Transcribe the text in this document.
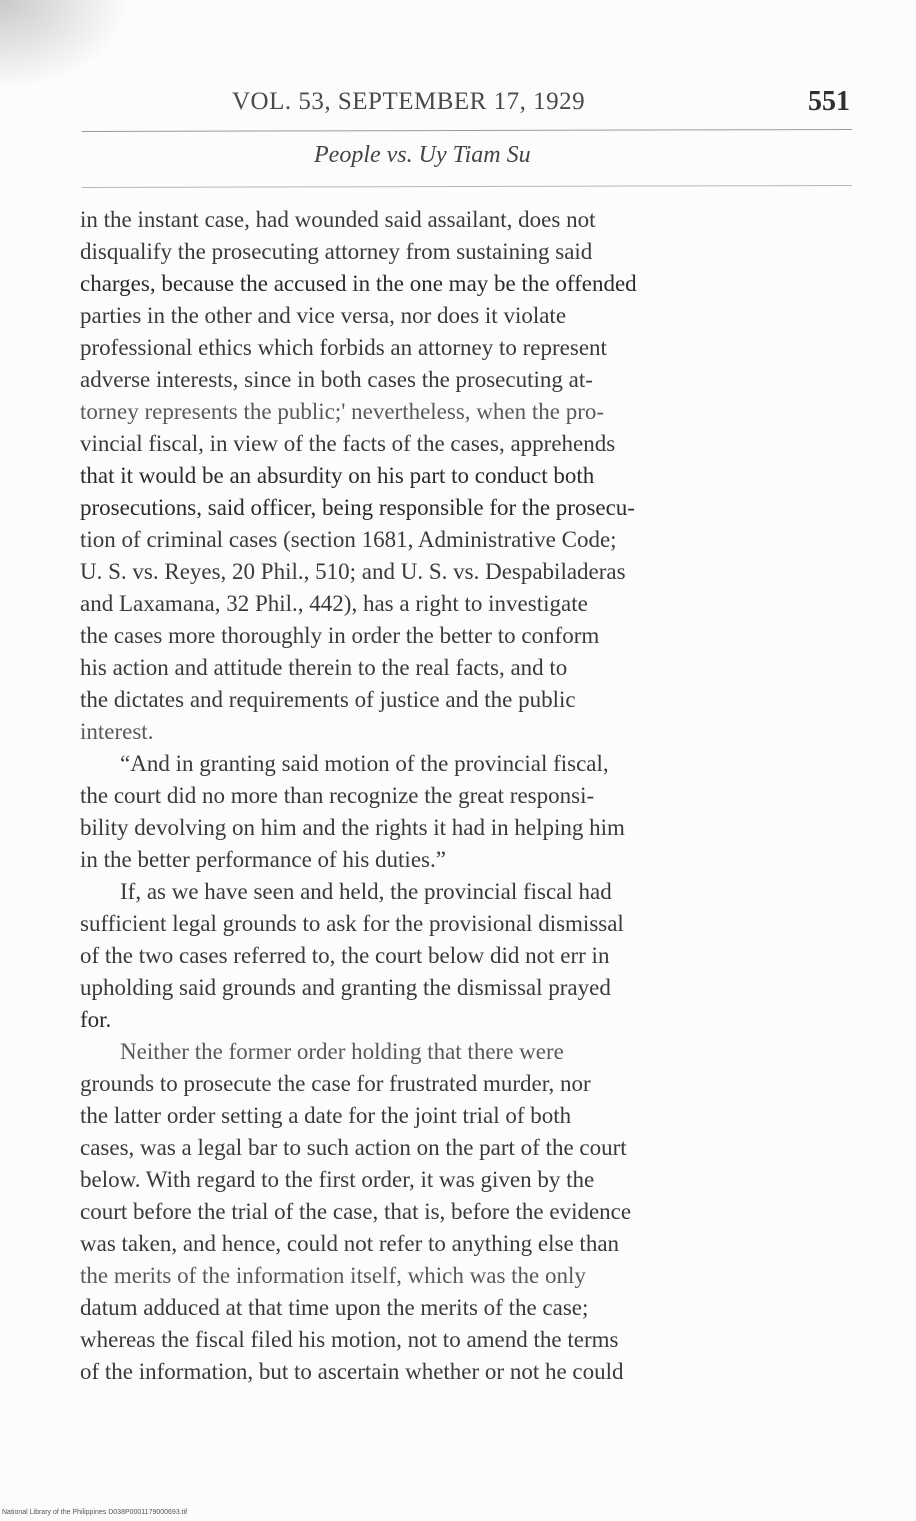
VOL. 53, SEPTEMBER 17, 1929	551
People vs. Uy Tiam Su
in the instant case, had wounded said assailant, does not
disqualify the prosecuting attorney from sustaining said
charges, because the accused in the one may be the offended
parties in the other and vice versa, nor does it violate
professional ethics which forbids an attorney to represent
adverse interests, since in both cases the prosecuting at-
torney represents the public;' nevertheless, when the pro-
vincial fiscal, in view of the facts of the cases, apprehends
that it would be an absurdity on his part to conduct both
prosecutions, said officer, being responsible for the prosecu-
tion of criminal cases (section 1681, Administrative Code;
U. S. vs. Reyes, 20 Phil., 510; and U. S. vs. Despabiladeras
and Laxamana, 32 Phil., 442), has a right to investigate
the cases more thoroughly in order the better to conform
his action and attitude therein to the real facts, and to
the dictates and requirements of justice and the public
interest.
“And in granting said motion of the provincial fiscal,
the court did no more than recognize the great responsi-
bility devolving on him and the rights it had in helping him
in the better performance of his duties.”
If, as we have seen and held, the provincial fiscal had
sufficient legal grounds to ask for the provisional dismissal
of the two cases referred to, the court below did not err in
upholding said grounds and granting the dismissal prayed
for.
Neither the former order holding that there were
grounds to prosecute the case for frustrated murder, nor
the latter order setting a date for the joint trial of both
cases, was a legal bar to such action on the part of the court
below. With regard to the first order, it was given by the
court before the trial of the case, that is, before the evidence
was taken, and hence, could not refer to anything else than
the merits of the information itself, which was the only
datum adduced at that time upon the merits of the case;
whereas the fiscal filed his motion, not to amend the terms
of the information, but to ascertain whether or not he could
National Library of the Philippines D038P0001179000693.tif
